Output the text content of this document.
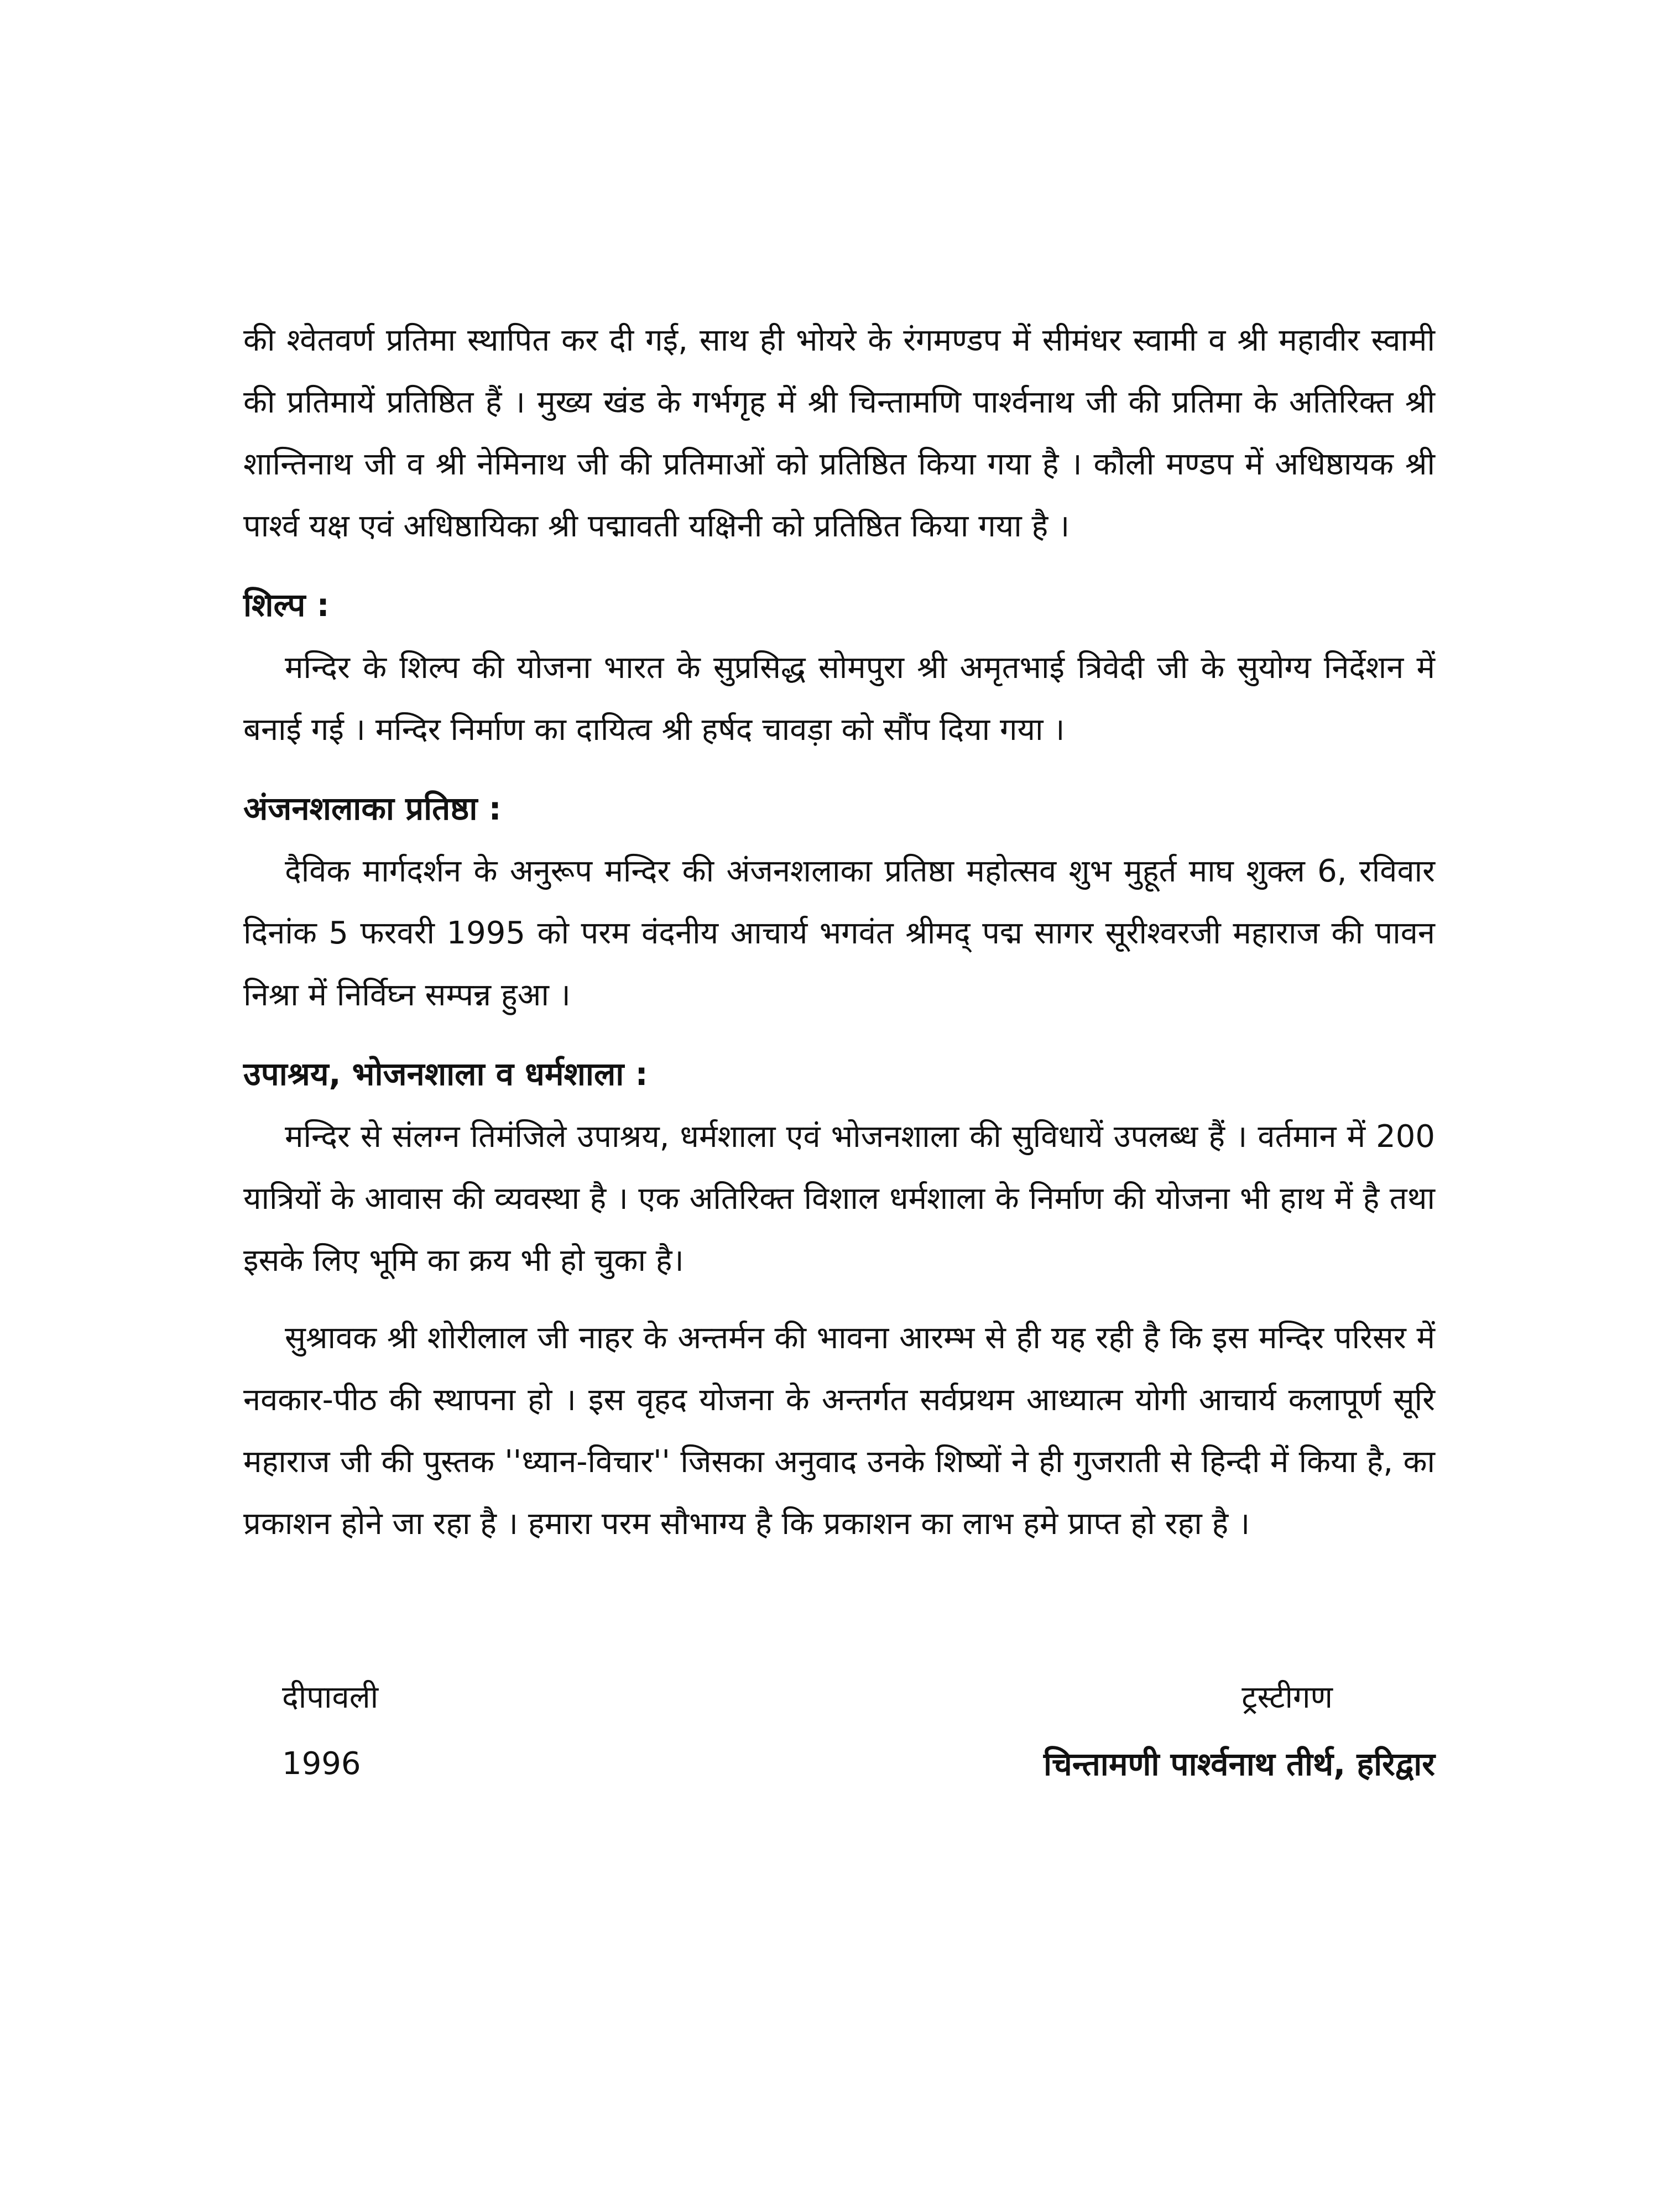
की श्वेतवर्ण प्रतिमा स्थापित कर दी गई, साथ ही भोयरे के रंगमण्डप में सीमंधर स्वामी व श्री महावीर स्वामी की प्रतिमायें प्रतिष्ठित हैं । मुख्य खंड के गर्भगृह में श्री चिन्तामणि पार्श्वनाथ जी की प्रतिमा के अतिरिक्त श्री शान्तिनाथ जी व श्री नेमिनाथ जी की प्रतिमाओं को प्रतिष्ठित किया गया है । कौली मण्डप में अधिष्ठायक श्री पार्श्व यक्ष एवं अधिष्ठायिका श्री पद्मावती यक्षिनी को प्रतिष्ठित किया गया है ।

शिल्प :

मन्दिर के शिल्प की योजना भारत के सुप्रसिद्ध सोमपुरा श्री अमृतभाई त्रिवेदी जी के सुयोग्य निर्देशन में बनाई गई । मन्दिर निर्माण का दायित्व श्री हर्षद चावड़ा को सौंप दिया गया ।

अंजनशलाका प्रतिष्ठा :

दैविक मार्गदर्शन के अनुरूप मन्दिर की अंजनशलाका प्रतिष्ठा महोत्सव शुभ मुहूर्त माघ शुक्ल 6, रविवार दिनांक 5 फरवरी 1995 को परम वंदनीय आचार्य भगवंत श्रीमद् पद्म सागर सूरीश्वरजी महाराज की पावन निश्रा में निर्विघ्न सम्पन्न हुआ ।

उपाश्रय, भोजनशाला व धर्मशाला :

मन्दिर से संलग्न तिमंजिले उपाश्रय, धर्मशाला एवं भोजनशाला की सुविधायें उपलब्ध हैं । वर्तमान में 200 यात्रियों के आवास की व्यवस्था है । एक अतिरिक्त विशाल धर्मशाला के निर्माण की योजना भी हाथ में है तथा इसके लिए भूमि का क्रय भी हो चुका है।

सुश्रावक श्री शोरीलाल जी नाहर के अन्तर्मन की भावना आरम्भ से ही यह रही है कि इस मन्दिर परिसर में नवकार-पीठ की स्थापना हो । इस वृहद योजना के अन्तर्गत सर्वप्रथम आध्यात्म योगी आचार्य कलापूर्ण सूरि महाराज जी की पुस्तक ''ध्यान-विचार'' जिसका अनुवाद उनके शिष्यों ने ही गुजराती से हिन्दी में किया है, का प्रकाशन होने जा रहा है । हमारा परम सौभाग्य है कि प्रकाशन का लाभ हमे प्राप्त हो रहा है ।

दीपावली
1996
ट्रस्टीगण
चिन्तामणी पार्श्वनाथ तीर्थ, हरिद्वार
